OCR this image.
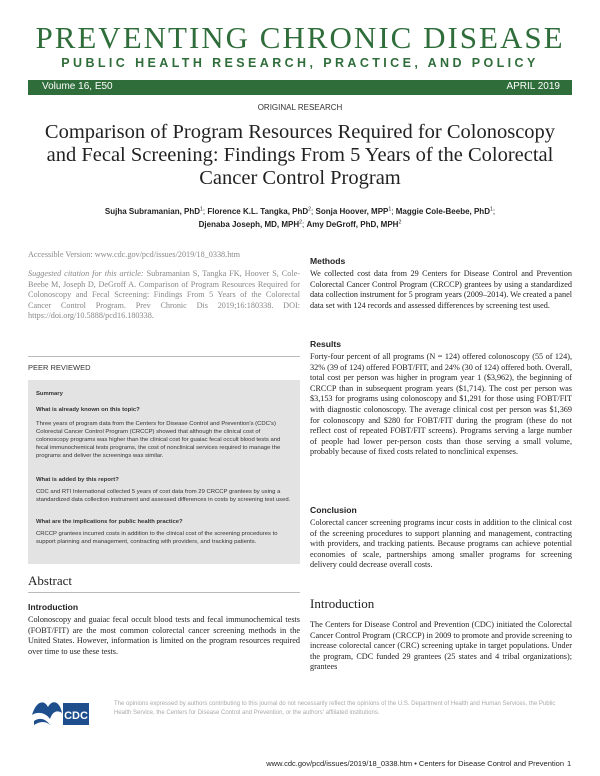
PREVENTING CHRONIC DISEASE
PUBLIC HEALTH RESEARCH, PRACTICE, AND POLICY
Volume 16, E50	APRIL 2019
ORIGINAL RESEARCH
Comparison of Program Resources Required for Colonoscopy and Fecal Screening: Findings From 5 Years of the Colorectal Cancer Control Program
Sujha Subramanian, PhD$^1$; Florence K.L. Tangka, PhD$^2$; Sonja Hoover, MPP$^1$; Maggie Cole-Beebe, PhD$^1$;
Djenaba Joseph, MD, MPH$^2$; Amy DeGroff, PhD, MPH$^2$
Accessible Version: www.cdc.gov/pcd/issues/2019/18_0338.htm
Suggested citation for this article: Subramanian S, Tangka FK, Hoover S, Cole-Beebe M, Joseph D, DeGroff A. Comparison of Program Resources Required for Colonoscopy and Fecal Screening: Findings From 5 Years of the Colorectal Cancer Control Program. Prev Chronic Dis 2019;16:180338. DOI: https://doi.org/10.5888/pcd16.180338.
PEER REVIEWED
Summary
What is already known on this topic?
Three years of program data from the Centers for Disease Control and Prevention's (CDC's) Colorectal Cancer Control Program (CRCCP) showed that although the clinical cost of colonoscopy programs was higher than the clinical cost for guaiac fecal occult blood tests and fecal immunochemical tests programs, the cost of nonclinical services required to manage the programs and deliver the screenings was similar.
What is added by this report?
CDC and RTI International collected 5 years of cost data from 29 CRCCP grantees by using a standardized data collection instrument and assessed differences in costs by screening test used.
What are the implications for public health practice?
CRCCP grantees incurred costs in addition to the clinical cost of the screening procedures to support planning and management, contracting with providers, and tracking patients.
Abstract
Introduction
Colonoscopy and guaiac fecal occult blood tests and fecal immunochemical tests (FOBT/FIT) are the most common colorectal cancer screening methods in the United States. However, information is limited on the program resources required over time to use these tests.
Methods
We collected cost data from 29 Centers for Disease Control and Prevention Colorectal Cancer Control Program (CRCCP) grantees by using a standardized data collection instrument for 5 program years (2009–2014). We created a panel data set with 124 records and assessed differences by screening test used.
Results
Forty-four percent of all programs (N = 124) offered colonoscopy (55 of 124), 32% (39 of 124) offered FOBT/FIT, and 24% (30 of 124) offered both. Overall, total cost per person was higher in program year 1 ($3,962), the beginning of CRCCP than in subsequent program years ($1,714). The cost per person was $3,153 for programs using colonoscopy and $1,291 for those using FOBT/FIT with diagnostic colonoscopy. The average clinical cost per person was $1,369 for colonoscopy and $280 for FOBT/FIT during the program (these do not reflect cost of repeated FOBT/FIT screens). Programs serving a large number of people had lower per-person costs than those serving a small volume, probably because of fixed costs related to nonclinical expenses.
Conclusion
Colorectal cancer screening programs incur costs in addition to the clinical cost of the screening procedures to support planning and management, contracting with providers, and tracking patients. Because programs can achieve potential economies of scale, partnerships among smaller programs for screening delivery could decrease overall costs.
Introduction
The Centers for Disease Control and Prevention (CDC) initiated the Colorectal Cancer Control Program (CRCCP) in 2009 to promote and provide screening to increase colorectal cancer (CRC) screening uptake in target populations. Under the program, CDC funded 29 grantees (25 states and 4 tribal organizations); grantees
CDC
The opinions expressed by authors contributing to this journal do not necessarily reflect the opinions of the U.S. Department of Health and Human Services, the Public Health Service, the Centers for Disease Control and Prevention, or the authors' affiliated institutions.
www.cdc.gov/pcd/issues/2019/18_0338.htm • Centers for Disease Control and Prevention 1
